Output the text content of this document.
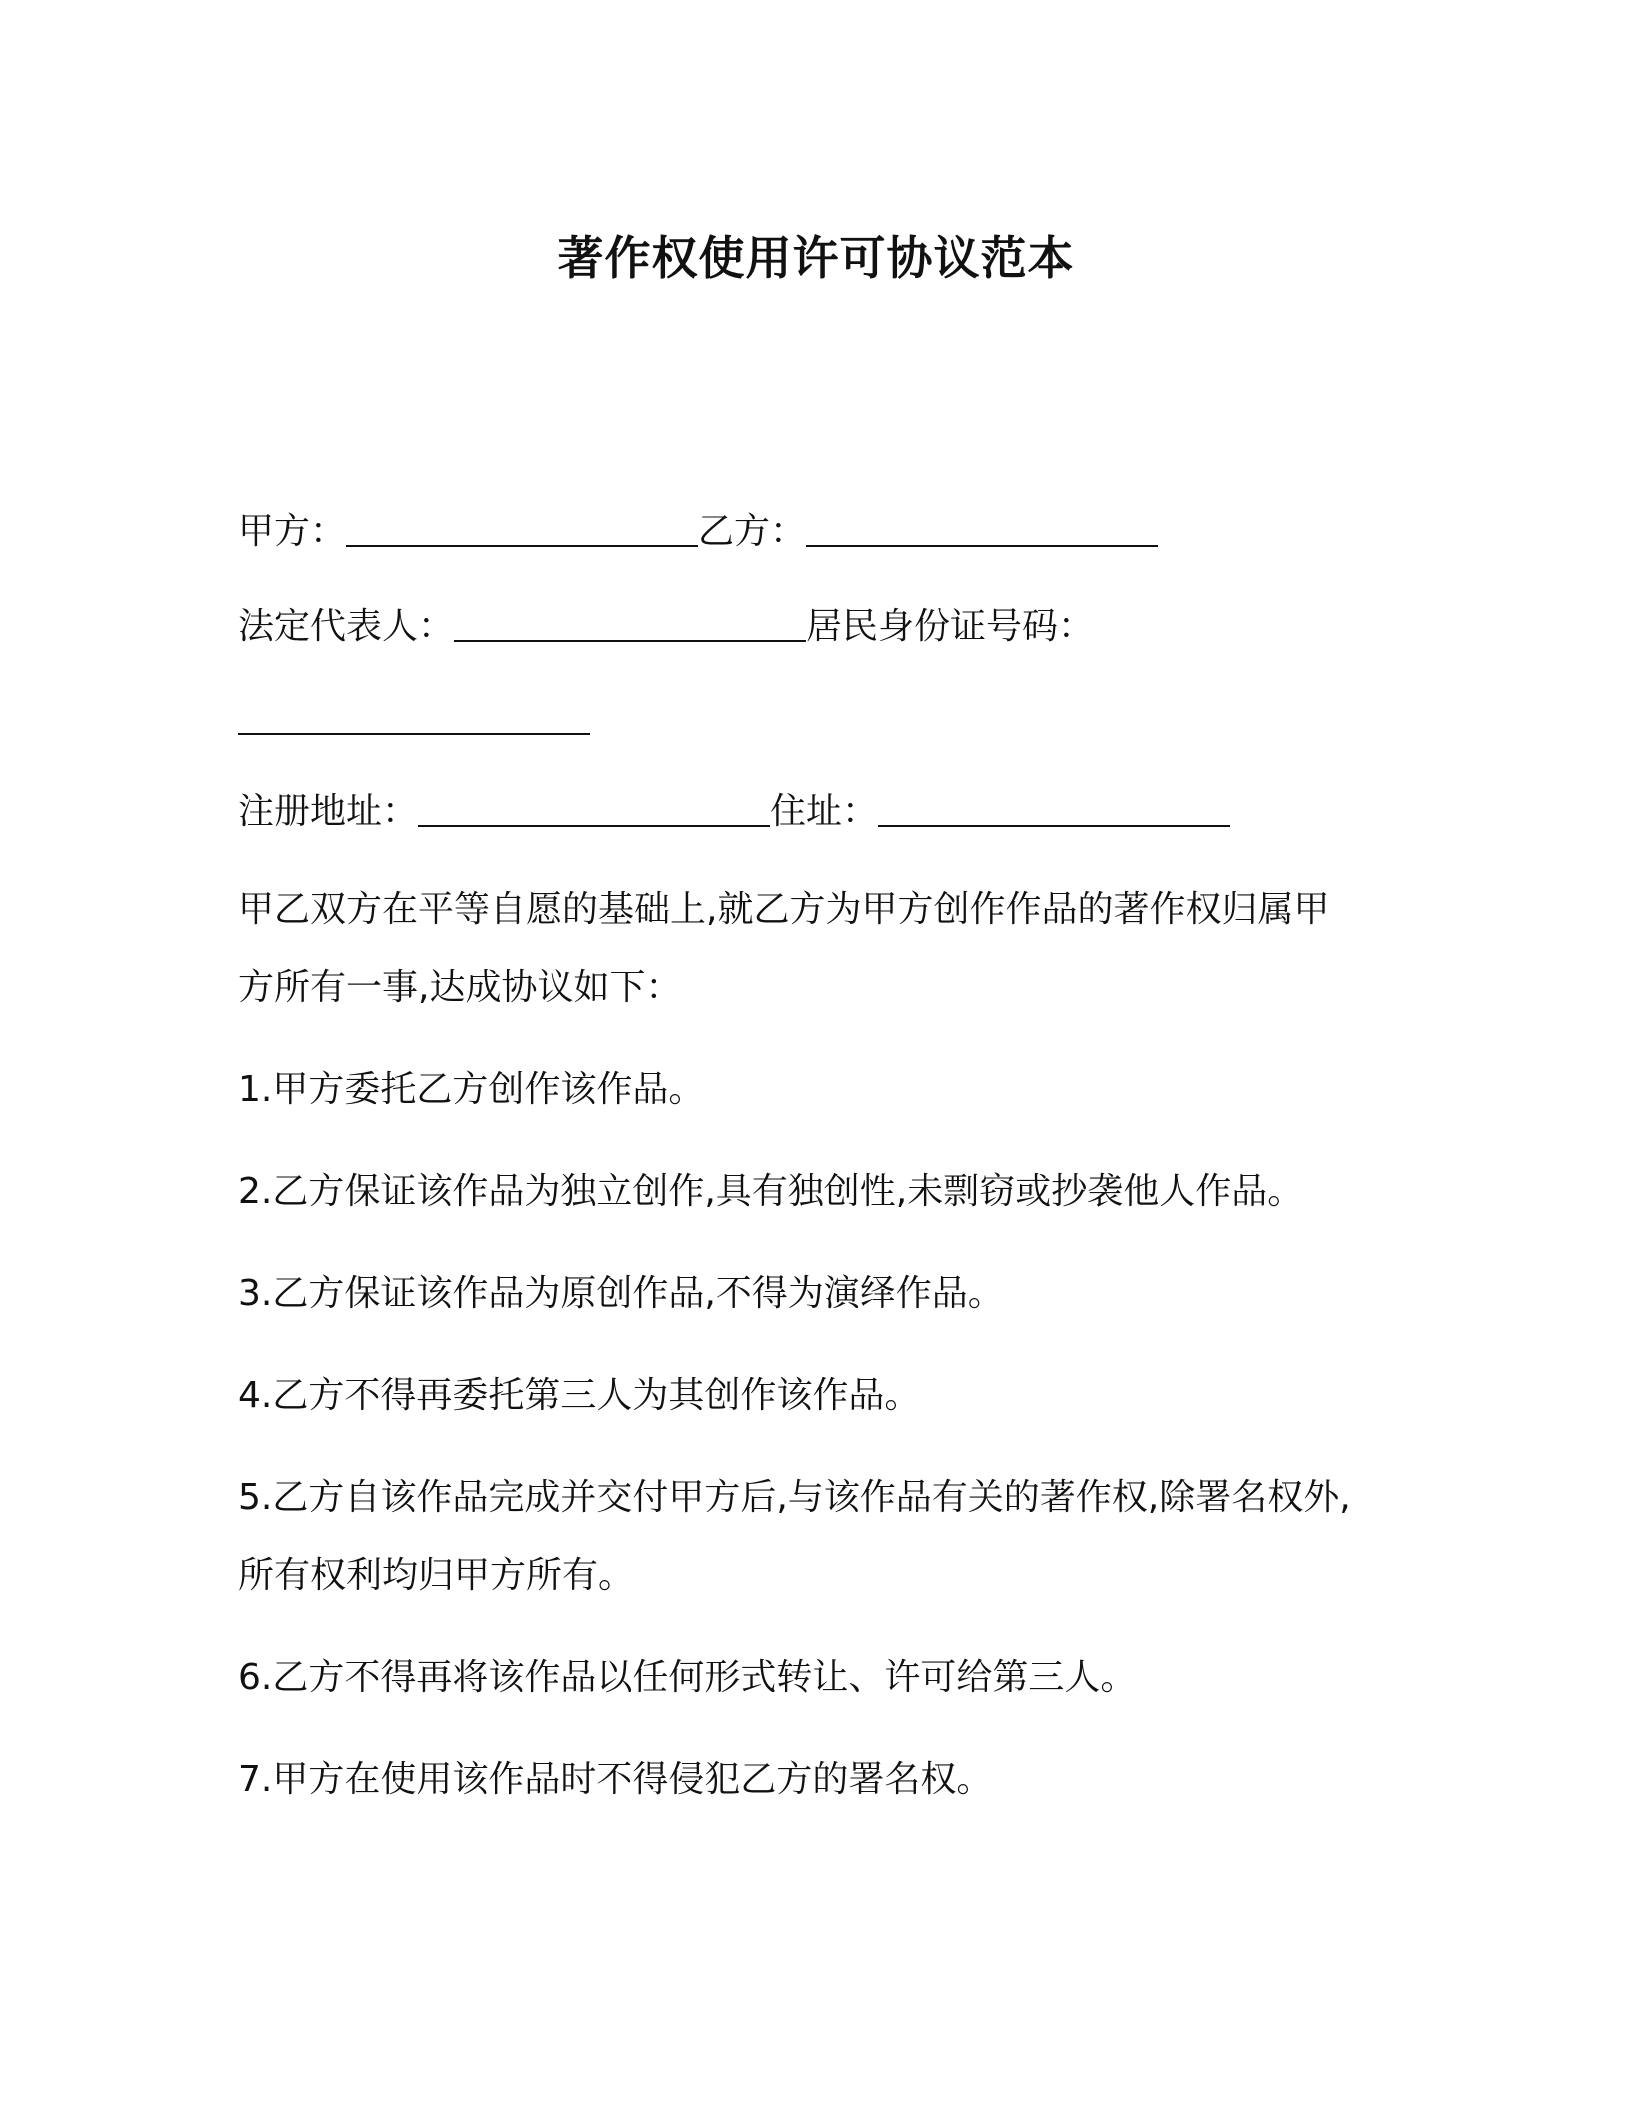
著作权使用许可协议范本
甲方：	乙方：
法定代表人：	居民身份证号码：
注册地址：	住址：
甲乙双方在平等自愿的基础上,就乙方为甲方创作作品的著作权归属甲
方所有一事,达成协议如下：
1.甲方委托乙方创作该作品。
2.乙方保证该作品为独立创作,具有独创性,未剽窃或抄袭他人作品。
3.乙方保证该作品为原创作品,不得为演绎作品。
4.乙方不得再委托第三人为其创作该作品。
5.乙方自该作品完成并交付甲方后,与该作品有关的著作权,除署名权外,
所有权利均归甲方所有。
6.乙方不得再将该作品以任何形式转让、许可给第三人。
7.甲方在使用该作品时不得侵犯乙方的署名权。
